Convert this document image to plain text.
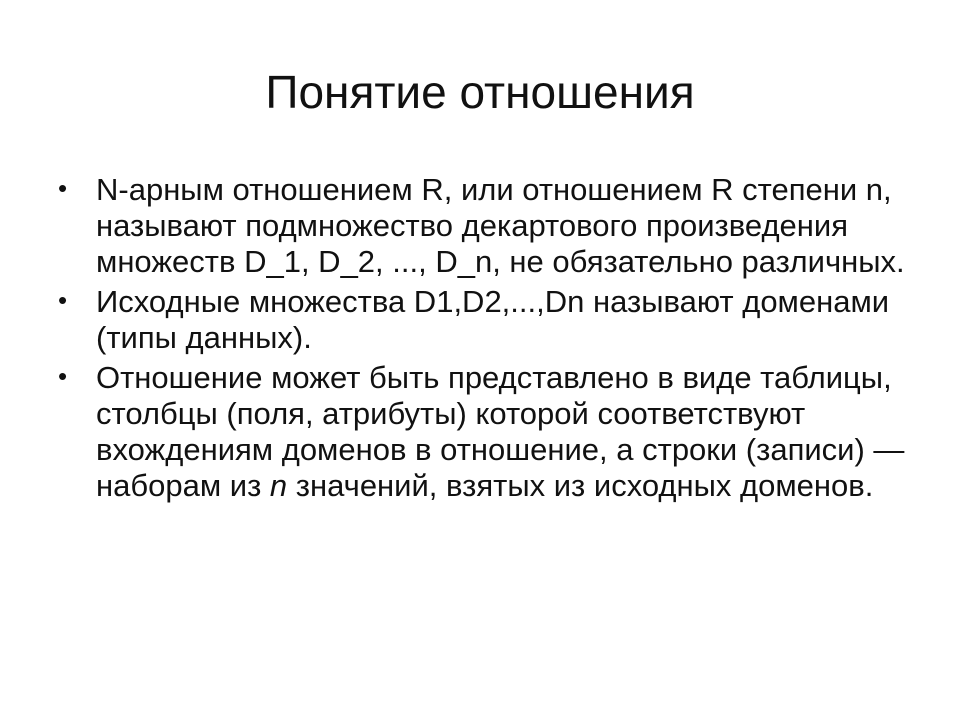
Понятие отношения
• N-арным отношением R, или отношением R степени n, называют подмножество декартового произведения множеств D_1, D_2, ..., D_n, не обязательно различных.
• Исходные множества D1,D2,...,Dn называют доменами (типы данных).
• Отношение может быть представлено в виде таблицы, столбцы (поля, атрибуты) которой соответствуют вхождениям доменов в отношение, а строки (записи) — наборам из n значений, взятых из исходных доменов.
